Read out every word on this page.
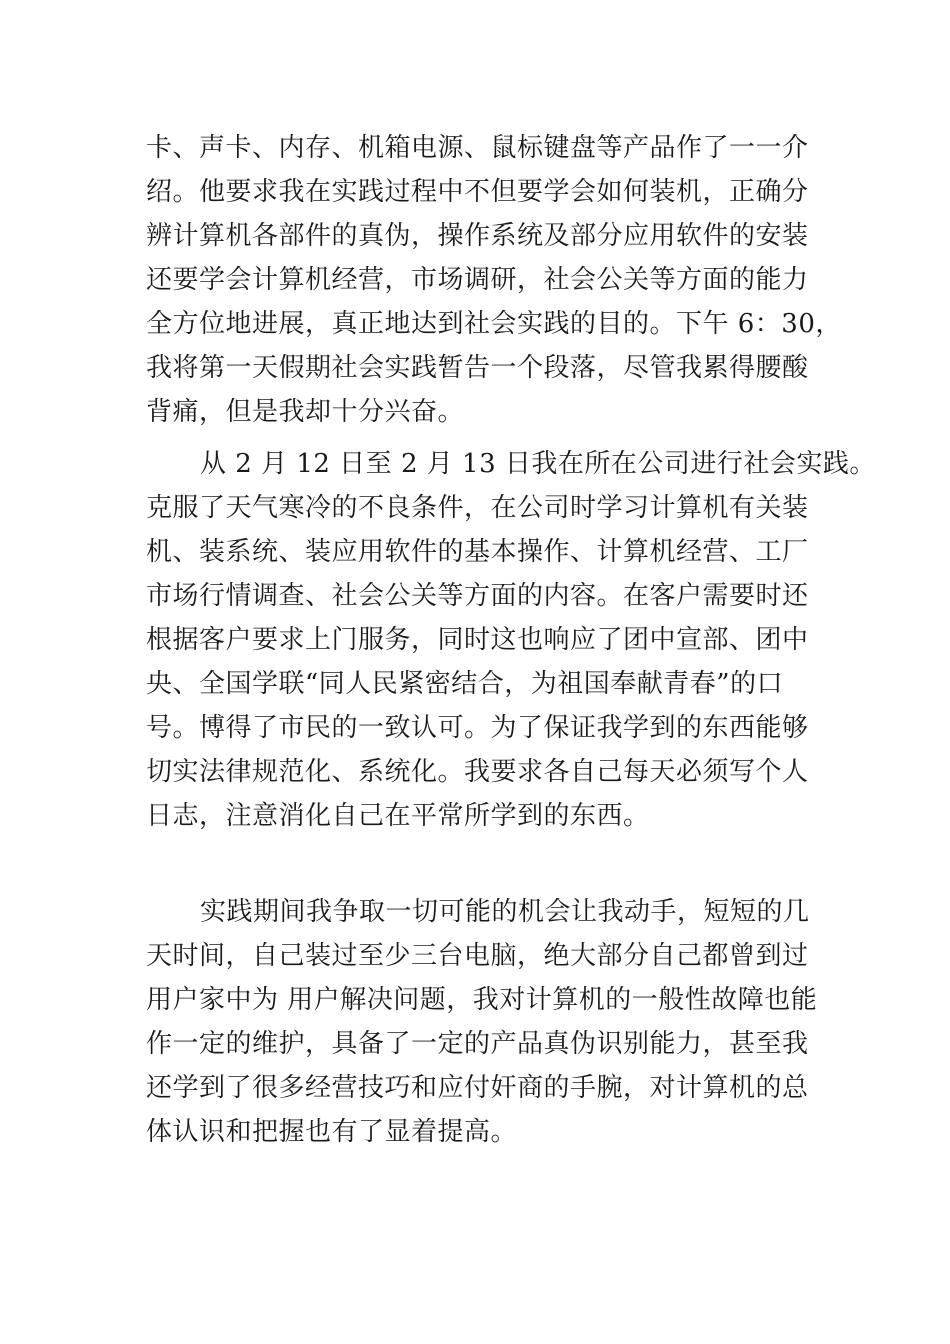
卡、声卡、内存、机箱电源、鼠标键盘等产品作了一一介
绍。他要求我在实践过程中不但要学会如何装机，正确分
辨计算机各部件的真伪，操作系统及部分应用软件的安装
还要学会计算机经营，市场调研，社会公关等方面的能力
全方位地进展，真正地达到社会实践的目的。下午 6：30，
我将第一天假期社会实践暂告一个段落，尽管我累得腰酸
背痛，但是我却十分兴奋。
从 2 月 12 日至 2 月 13 日我在所在公司进行社会实践。
克服了天气寒冷的不良条件，在公司时学习计算机有关装
机、装系统、装应用软件的基本操作、计算机经营、工厂
市场行情调查、社会公关等方面的内容。在客户需要时还
根据客户要求上门服务，同时这也响应了团中宣部、团中
央、全国学联“同人民紧密结合，为祖国奉献青春”的口
号。博得了市民的一致认可。为了保证我学到的东西能够
切实法律规范化、系统化。我要求各自己每天必须写个人
日志，注意消化自己在平常所学到的东西。
实践期间我争取一切可能的机会让我动手，短短的几
天时间，自己装过至少三台电脑，绝大部分自己都曾到过
用户家中为 用户解决问题，我对计算机的一般性故障也能
作一定的维护，具备了一定的产品真伪识别能力，甚至我
还学到了很多经营技巧和应付奸商的手腕，对计算机的总
体认识和把握也有了显着提高。
